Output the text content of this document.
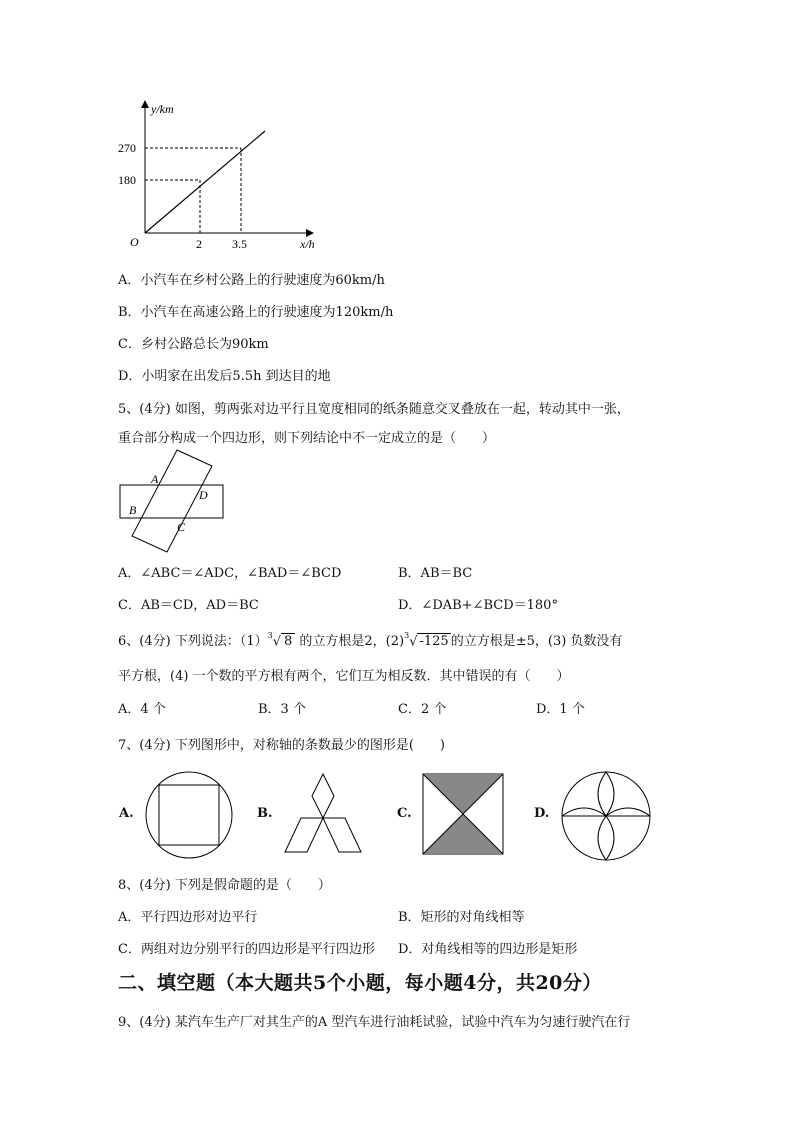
y/km
x/h
O
270
180
2	3.5
A．小汽车在乡村公路上的行驶速度为60km/h
B．小汽车在高速公路上的行驶速度为120km/h
C．乡村公路总长为90km
D．小明家在出发后5.5h 到达目的地
5、(4分) 如图，剪两张对边平行且宽度相同的纸条随意交叉叠放在一起，转动其中一张，
重合部分构成一个四边形，则下列结论中不一定成立的是（　　）
A
D
B
C
A．∠ABC＝∠ADC，∠BAD＝∠BCD	B．AB＝BC
C．AB＝CD，AD＝BC	D．∠DAB+∠BCD＝180°
6、(4分) 下列说法：$(1)^3√$ 8 的立方根是2，$(2)^3√$ -125 的立方根是±5，(3) 负数没有
平方根，(4) 一个数的平方根有两个，它们互为相反数．其中错误的有（　　）
A．4 个	B．3 个	C．2 个	D．1 个
7、(4分) 下列图形中，对称轴的条数最少的图形是(　　)
A.	B.	C.	D.
8、(4分) 下列是假命题的是（　　）
A．平行四边形对边平行	B．矩形的对角线相等
C．两组对边分别平行的四边形是平行四边形 D．对角线相等的四边形是矩形
二、填空题（本大题共5个小题，每小题4分，共20分）
9、(4分) 某汽车生产厂对其生产的A 型汽车进行油耗试验，试验中汽车为匀速行驶汽在行
